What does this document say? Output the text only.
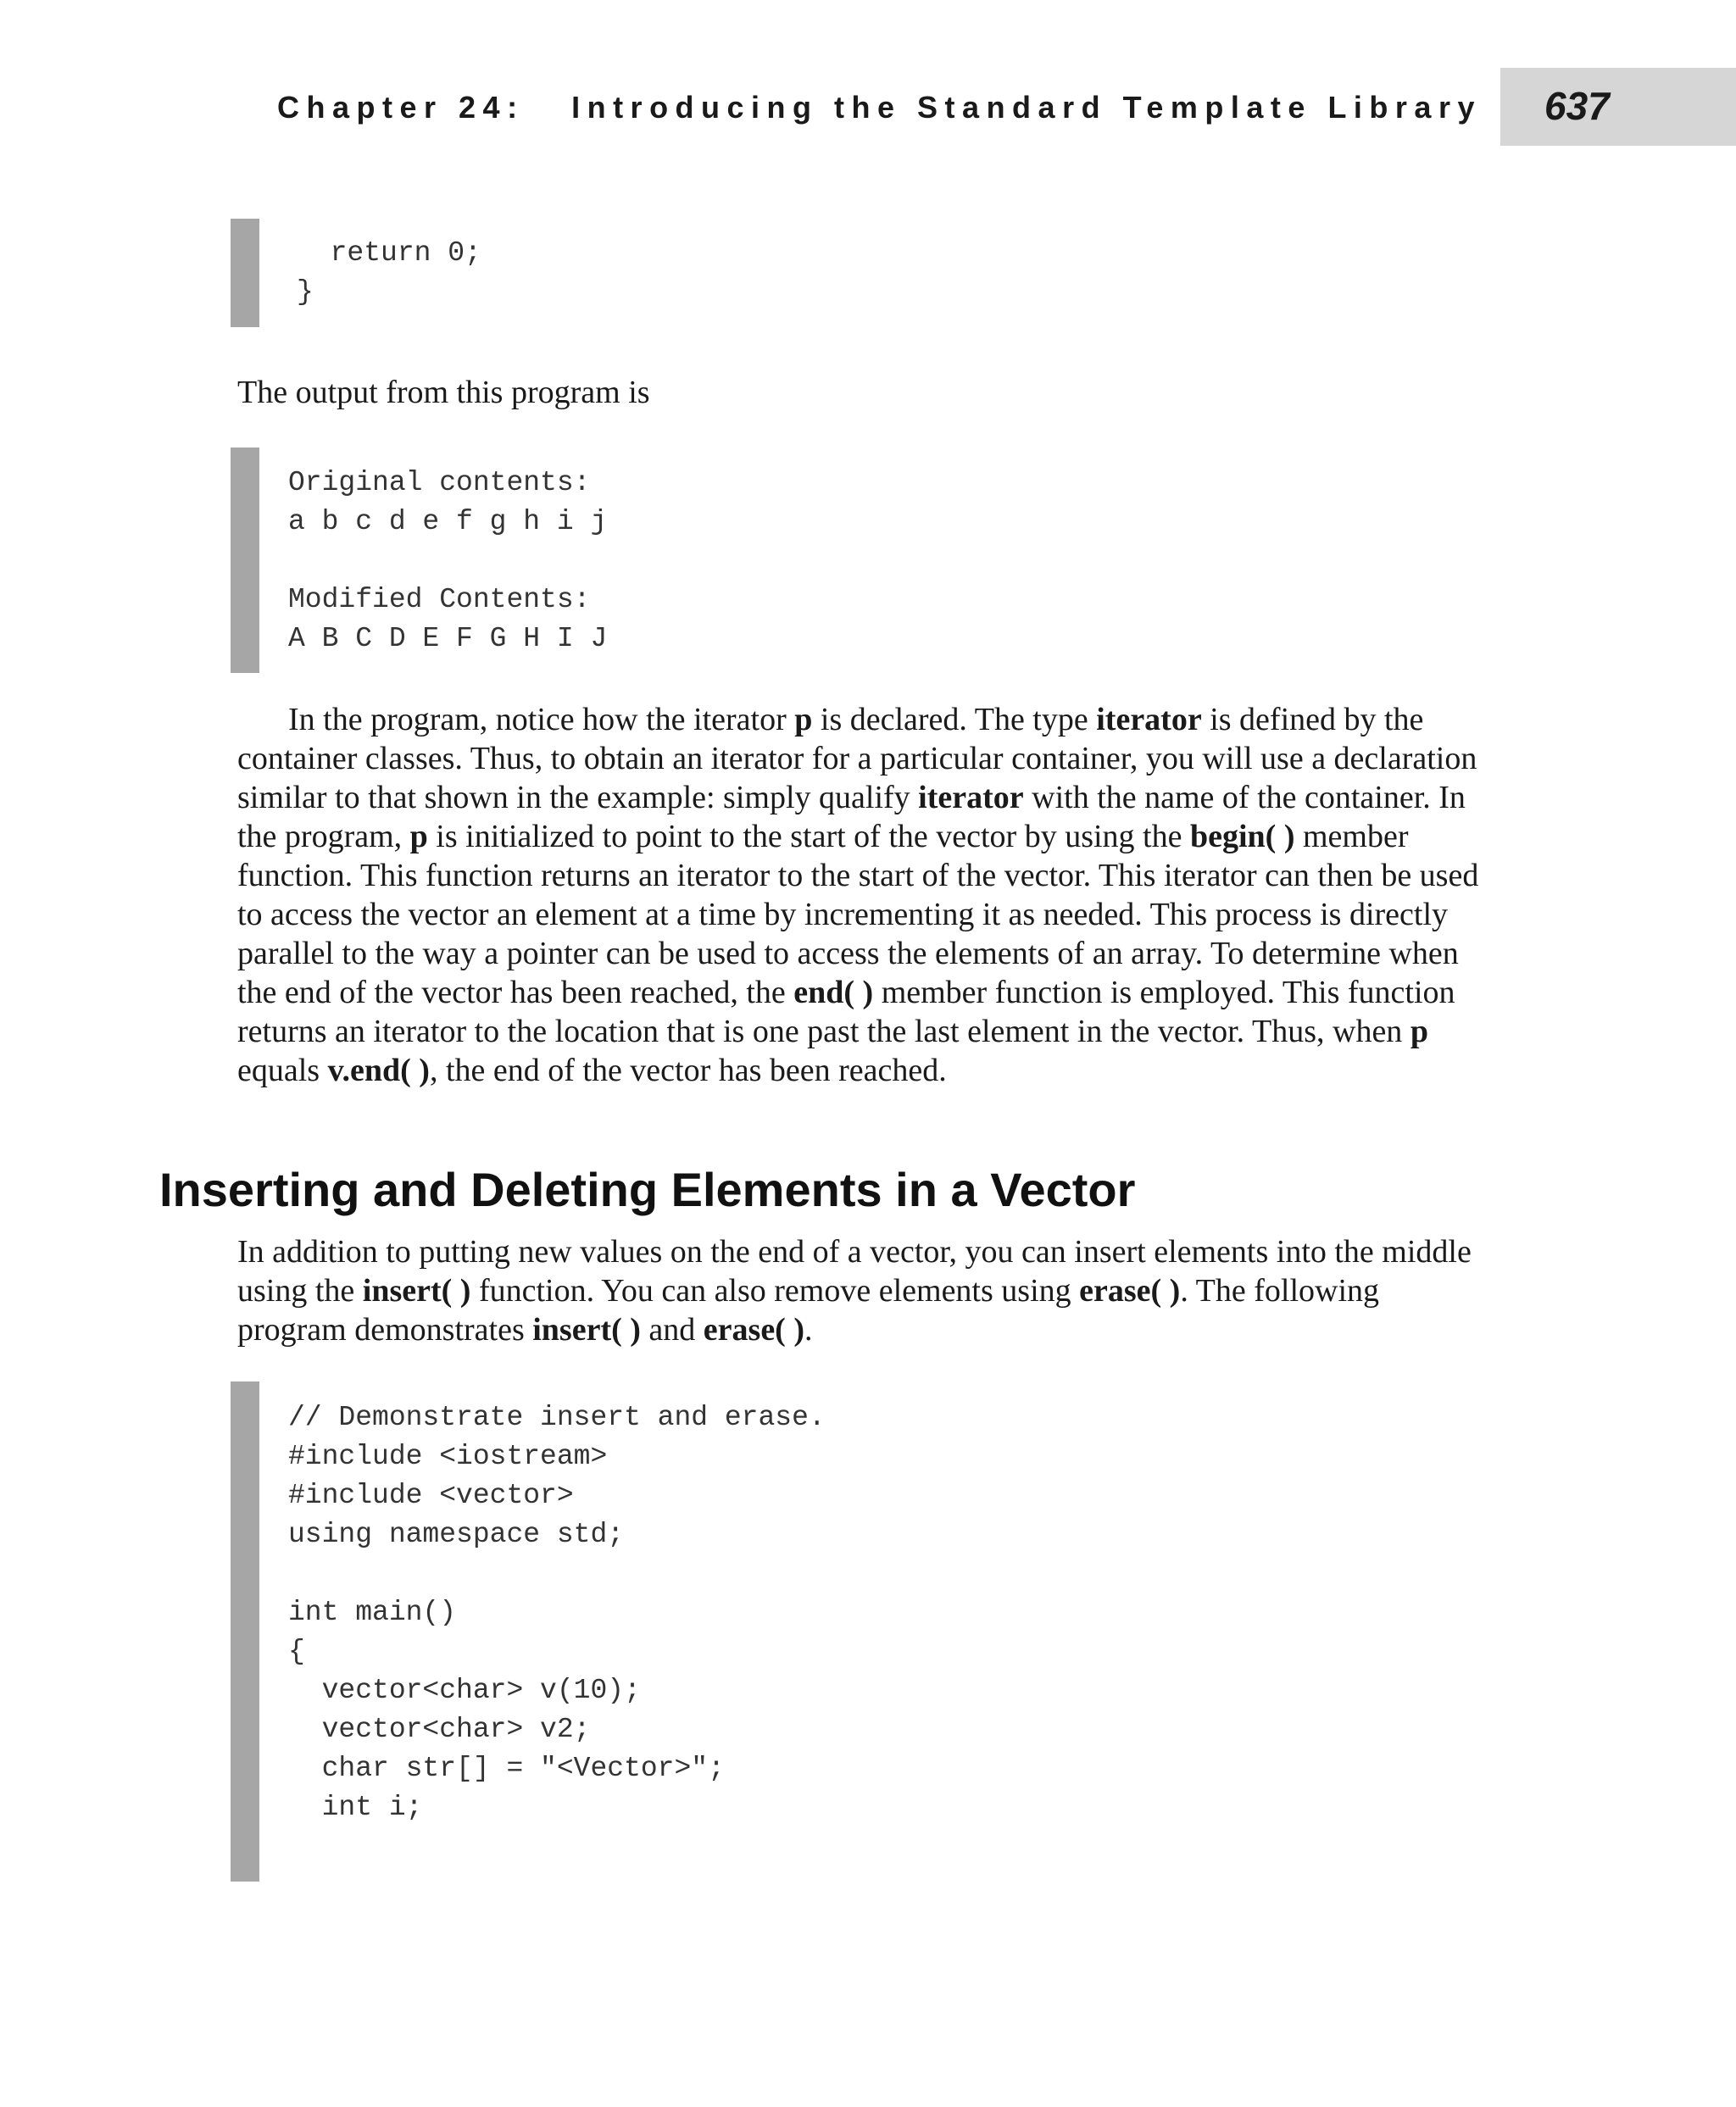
Chapter 24:   Introducing the Standard Template Library 637
return 0;
}
The output from this program is
Original contents:
a b c d e f g h i j
Modified Contents:
A B C D E F G H I J

In the program, notice how the iterator p is declared. The type iterator is defined by the container classes. Thus, to obtain an iterator for a particular container, you will use a declaration similar to that shown in the example: simply qualify iterator with the name of the container. In the program, p is initialized to point to the start of the vector by using the begin( ) member function. This function returns an iterator to the start of the vector. This iterator can then be used to access the vector an element at a time by incrementing it as needed. This process is directly parallel to the way a pointer can be used to access the elements of an array. To determine when the end of the vector has been reached, the end( ) member function is employed. This function returns an iterator to the location that is one past the last element in the vector. Thus, when p equals v.end( ), the end of the vector has been reached.

Inserting and Deleting Elements in a Vector

In addition to putting new values on the end of a vector, you can insert elements into the middle using the insert( ) function. You can also remove elements using erase( ). The following program demonstrates insert( ) and erase( ).

// Demonstrate insert and erase.
#include <iostream>
#include <vector>
using namespace std;
int main()
{
vector<char> v(10);
vector<char> v2;
char str[] = "<Vector>";
int i;
